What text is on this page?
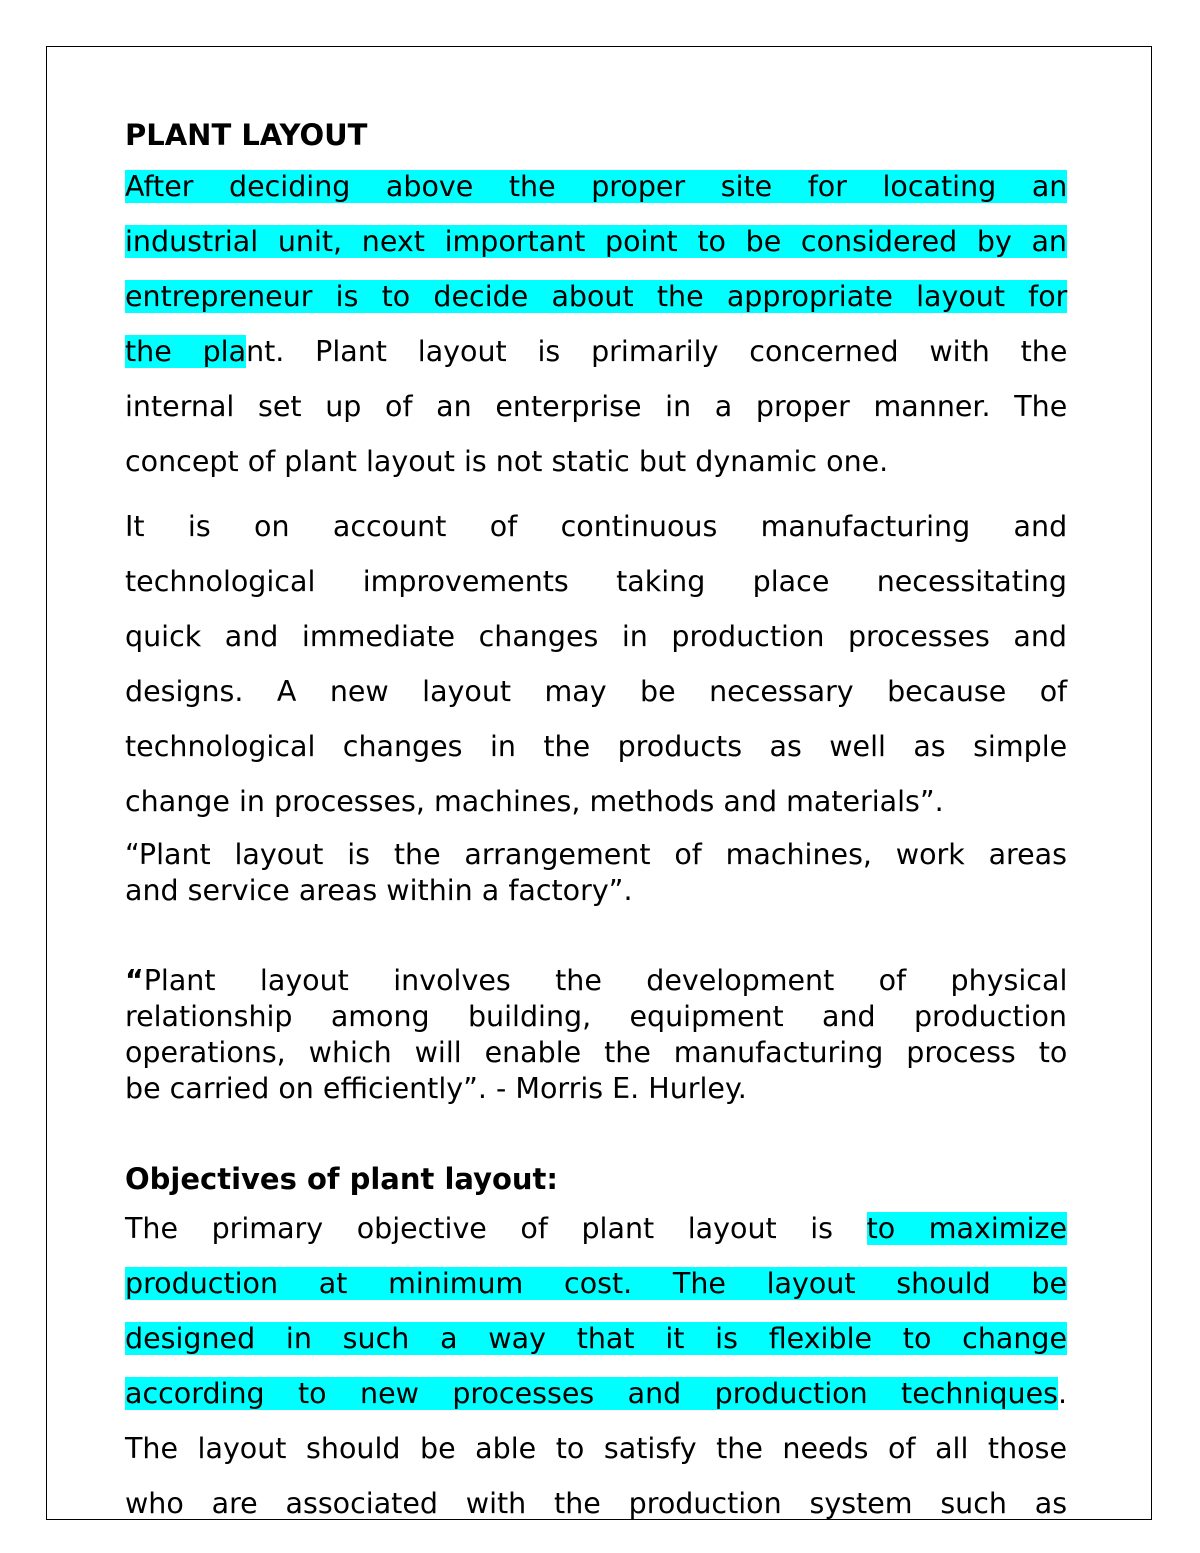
PLANT LAYOUT
After deciding above the proper site for locating an
industrial unit, next important point to be considered by an
entrepreneur is to decide about the appropriate layout for
the plant. Plant layout is primarily concerned with the
internal set up of an enterprise in a proper manner. The
concept of plant layout is not static but dynamic one.
It is on account of continuous manufacturing and
technological improvements taking place necessitating
quick and immediate changes in production processes and
designs. A new layout may be necessary because of
technological changes in the products as well as simple
change in processes, machines, methods and materials”.
“Plant layout is the arrangement of machines, work areas
and service areas within a factory”.
“Plant layout involves the development of physical
relationship among building, equipment and production
operations, which will enable the manufacturing process to
be carried on efficiently”. - Morris E. Hurley.
Objectives of plant layout:
The primary objective of plant layout is to maximize
production at minimum cost. The layout should be
designed in such a way that it is flexible to change
according to new processes and production techniques.
The layout should be able to satisfy the needs of all those
who are associated with the production system such as
